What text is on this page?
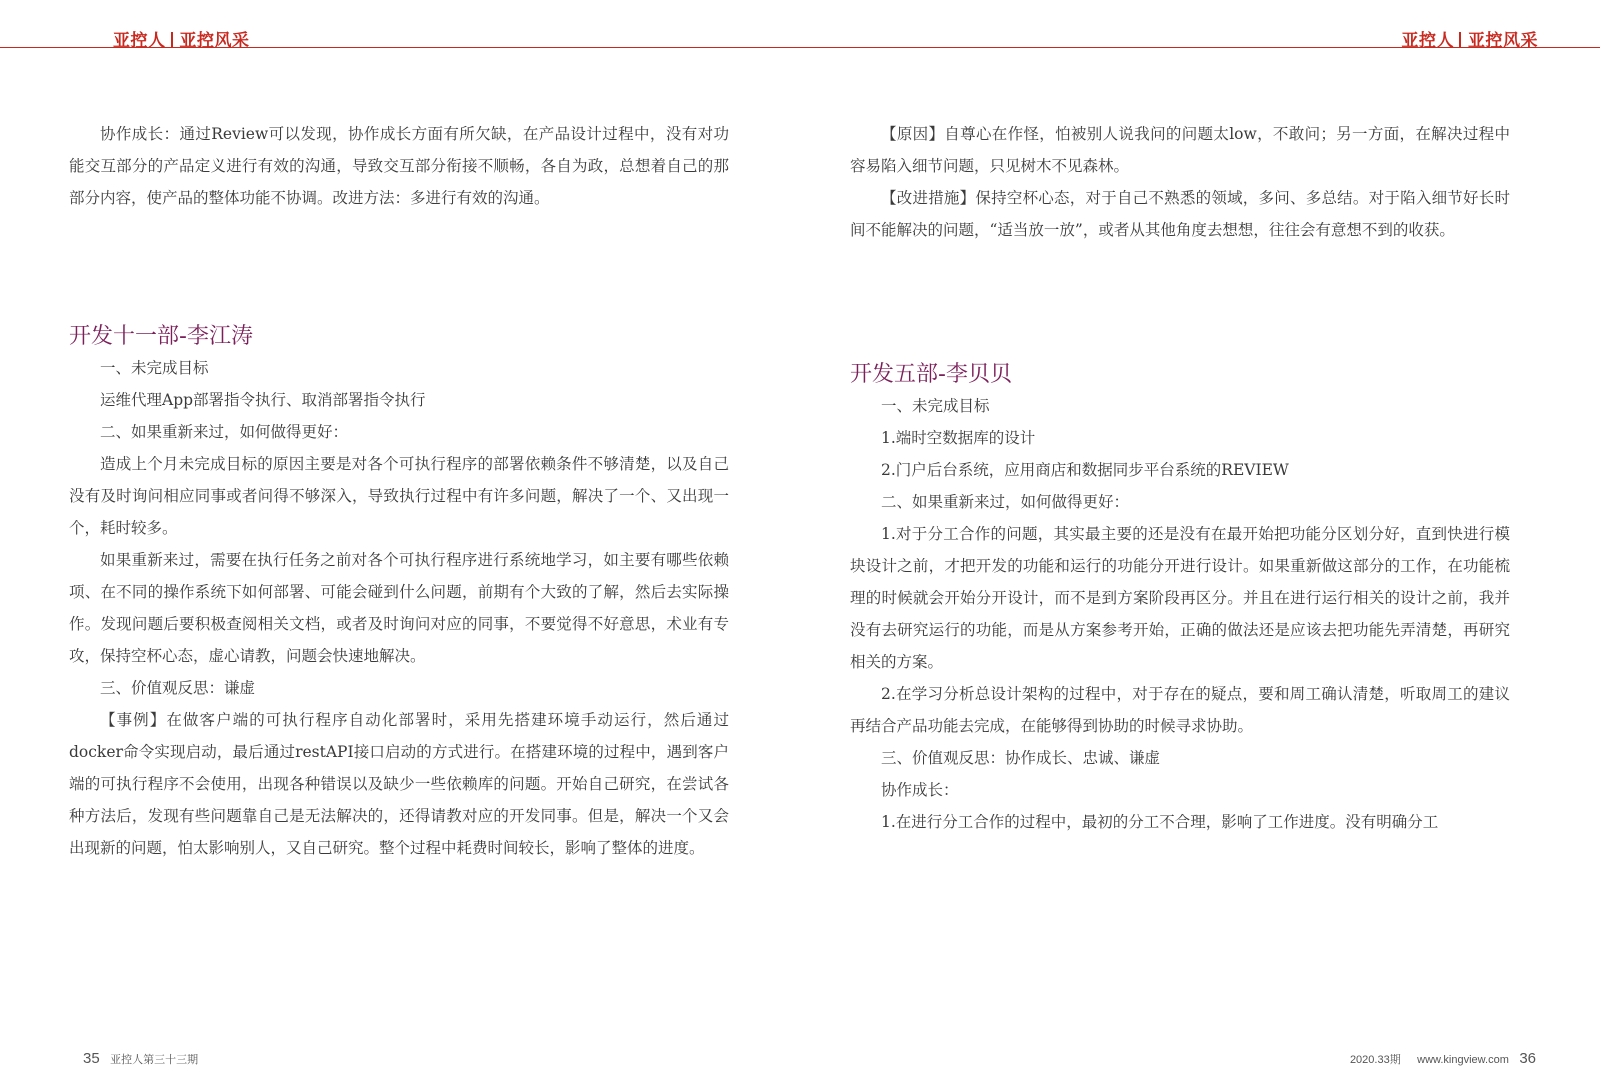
亚控人 亚控风采	亚控人 亚控风采

协作成长：通过Review可以发现，协作成长方面有所欠缺，在产品设计过程中，没有对功能交互部分的产品定义进行有效的沟通，导致交互部分衔接不顺畅，各自为政，总想着自己的那部分内容，使产品的整体功能不协调。改进方法：多进行有效的沟通。

开发十一部-李江涛

一、未完成目标

运维代理App部署指令执行、取消部署指令执行

二、如果重新来过，如何做得更好：

造成上个月未完成目标的原因主要是对各个可执行程序的部署依赖条件不够清楚，以及自己没有及时询问相应同事或者问得不够深入，导致执行过程中有许多问题，解决了一个、又出现一个，耗时较多。

如果重新来过，需要在执行任务之前对各个可执行程序进行系统地学习，如主要有哪些依赖项、在不同的操作系统下如何部署、可能会碰到什么问题，前期有个大致的了解，然后去实际操作。发现问题后要积极查阅相关文档，或者及时询问对应的同事，不要觉得不好意思，术业有专攻，保持空杯心态，虚心请教，问题会快速地解决。

三、价值观反思：谦虚

【事例】在做客户端的可执行程序自动化部署时，采用先搭建环境手动运行，然后通过docker命令实现启动，最后通过restAPI接口启动的方式进行。在搭建环境的过程中，遇到客户端的可执行程序不会使用，出现各种错误以及缺少一些依赖库的问题。开始自己研究，在尝试各种方法后，发现有些问题靠自己是无法解决的，还得请教对应的开发同事。但是，解决一个又会出现新的问题，怕太影响别人，又自己研究。整个过程中耗费时间较长，影响了整体的进度。

【原因】自尊心在作怪，怕被别人说我问的问题太low，不敢问；另一方面，在解决过程中容易陷入细节问题，只见树木不见森林。

【改进措施】保持空杯心态，对于自己不熟悉的领域，多问、多总结。对于陷入细节好长时间不能解决的问题，“适当放一放”，或者从其他角度去想想，往往会有意想不到的收获。

开发五部-李贝贝

一、未完成目标

1.端时空数据库的设计

2.门户后台系统，应用商店和数据同步平台系统的REVIEW

二、如果重新来过，如何做得更好：

1.对于分工合作的问题，其实最主要的还是没有在最开始把功能分区划分好，直到快进行模块设计之前，才把开发的功能和运行的功能分开进行设计。如果重新做这部分的工作，在功能梳理的时候就会开始分开设计，而不是到方案阶段再区分。并且在进行运行相关的设计之前，我并没有去研究运行的功能，而是从方案参考开始，正确的做法还是应该去把功能先弄清楚，再研究相关的方案。

2.在学习分析总设计架构的过程中，对于存在的疑点，要和周工确认清楚，听取周工的建议再结合产品功能去完成，在能够得到协助的时候寻求协助。

三、价值观反思：协作成长、忠诚、谦虚

协作成长：

1.在进行分工合作的过程中，最初的分工不合理，影响了工作进度。没有明确分工

35 亚控人第三十三期	2020.33期 www.kingview.com 36
